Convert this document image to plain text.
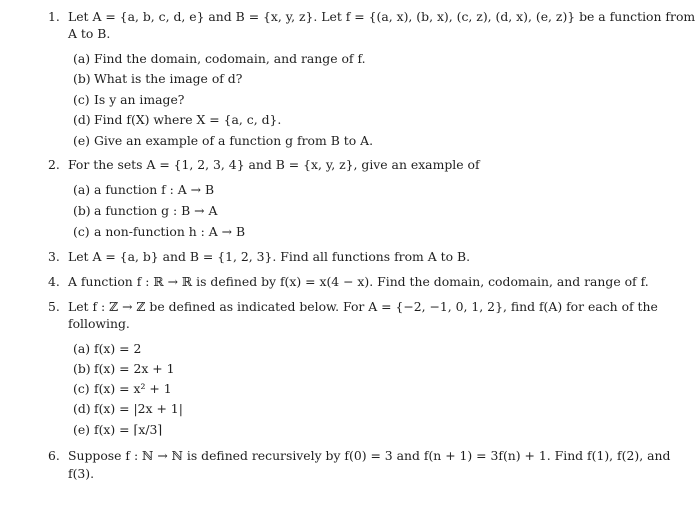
1. Let A = {a, b, c, d, e} and B = {x, y, z}. Let f = {(a, x), (b, x), (c, z), (d, x), (e, z)} be a function from
A to B.
(a) Find the domain, codomain, and range of f.
(b) What is the image of d?
(c) Is y an image?
(d) Find f(X) where X = {a, c, d}.
(e) Give an example of a function g from B to A.
2. For the sets A = {1, 2, 3, 4} and B = {x, y, z}, give an example of
(a) a function f : A → B
(b) a function g : B → A
(c) a non-function h : A → B
3. Let A = {a, b} and B = {1, 2, 3}. Find all functions from A to B.
4. A function f : ℝ → ℝ is defined by f(x) = x(4 − x). Find the domain, codomain, and range of f.
5. Let f : ℤ → ℤ be defined as indicated below. For A = {−2, −1, 0, 1, 2}, find f(A) for each of the
following.
(a) f(x) = 2
(b) f(x) = 2x + 1
(c) f(x) = x² + 1
(d) f(x) = |2x + 1|
(e) f(x) = ⌈x/3⌉
6. Suppose f : ℕ → ℕ is defined recursively by f(0) = 3 and f(n + 1) = 3f(n) + 1. Find f(1), f(2), and
f(3).
